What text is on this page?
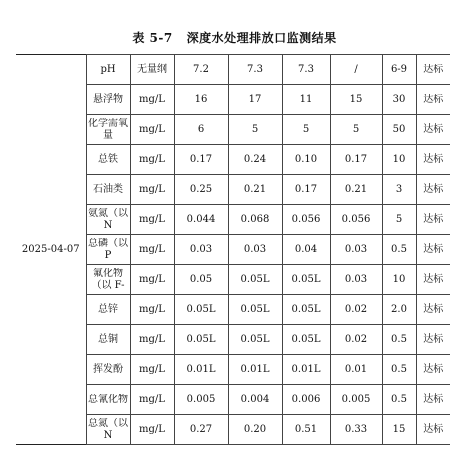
表 5-7 深度水处理排放口监测结果
2025-04-07	pH	无量纲	7.2	7.3	7.3	/	6-9	达标

	悬浮物	mg/L	16	17	11	15	30	达标

	化学需氧量	mg/L	6	5	5	5	50	达标
	总铁	mg/L	0.17	0.24	0.10	0.17	10	达标
	石油类	mg/L	0.25	0.21	0.17	0.21	3	达标

	氨氮（以 N	mg/L	0.044	0.068	0.056	0.056	5	达标

	总磷（以 P	mg/L	0.03	0.03	0.04	0.03	0.5	达标

	氟化物（以 F-	mg/L	0.05	0.05L	0.05L	0.03	10	达标
	总锌	mg/L	0.05L	0.05L	0.05L	0.02	2.0	达标
	总铜	mg/L	0.05L	0.05L	0.05L	0.02	0.5	达标
	挥发酚	mg/L	0.01L	0.01L	0.01L	0.01	0.5	达标

	总氰化物	mg/L	0.005	0.004	0.006	0.005	0.5	达标

	总氮（以 N	mg/L	0.27	0.20	0.51	0.33	15	达标
